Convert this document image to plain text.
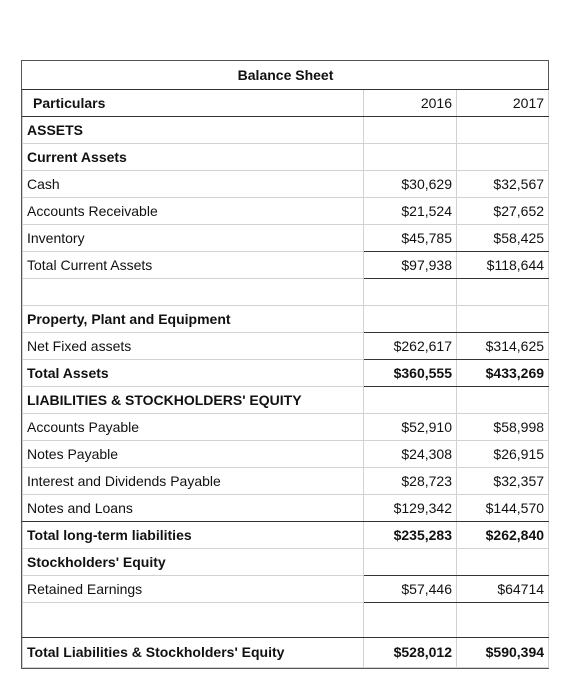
Balance Sheet		
Particulars	2016	2017
ASSETS		
Current Assets		
Cash	$30,629	$32,567
Accounts Receivable	$21,524	$27,652
Inventory	$45,785	$58,425
Total Current Assets	$97,938	$118,644

Property, Plant and Equipment		
Net Fixed assets	$262,617	$314,625
Total Assets	$360,555	$433,269
LIABILITIES & STOCKHOLDERS' EQUITY		
Accounts Payable	$52,910	$58,998
Notes Payable	$24,308	$26,915
Interest and Dividends Payable	$28,723	$32,357
Notes and Loans	$129,342	$144,570
Total long-term liabilities	$235,283	$262,840
Stockholders' Equity		
Retained Earnings	$57,446	$64714

Total Liabilities & Stockholders' Equity	$528,012	$590,394
